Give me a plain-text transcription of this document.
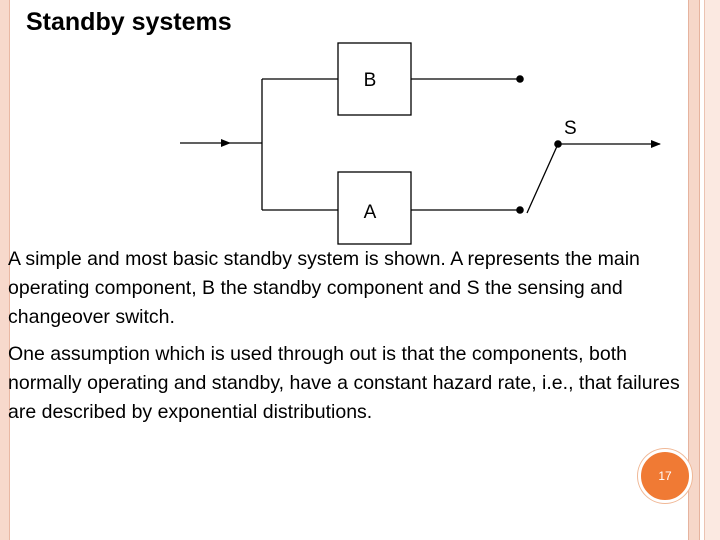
Standby systems
B
A
S

A simple and most basic standby system is shown. A represents the main operating component, B the standby component and S the sensing and changeover switch.

One assumption which is used through out is that the components, both normally operating and standby, have a constant hazard rate, i.e., that failures are described by exponential distributions.

17
